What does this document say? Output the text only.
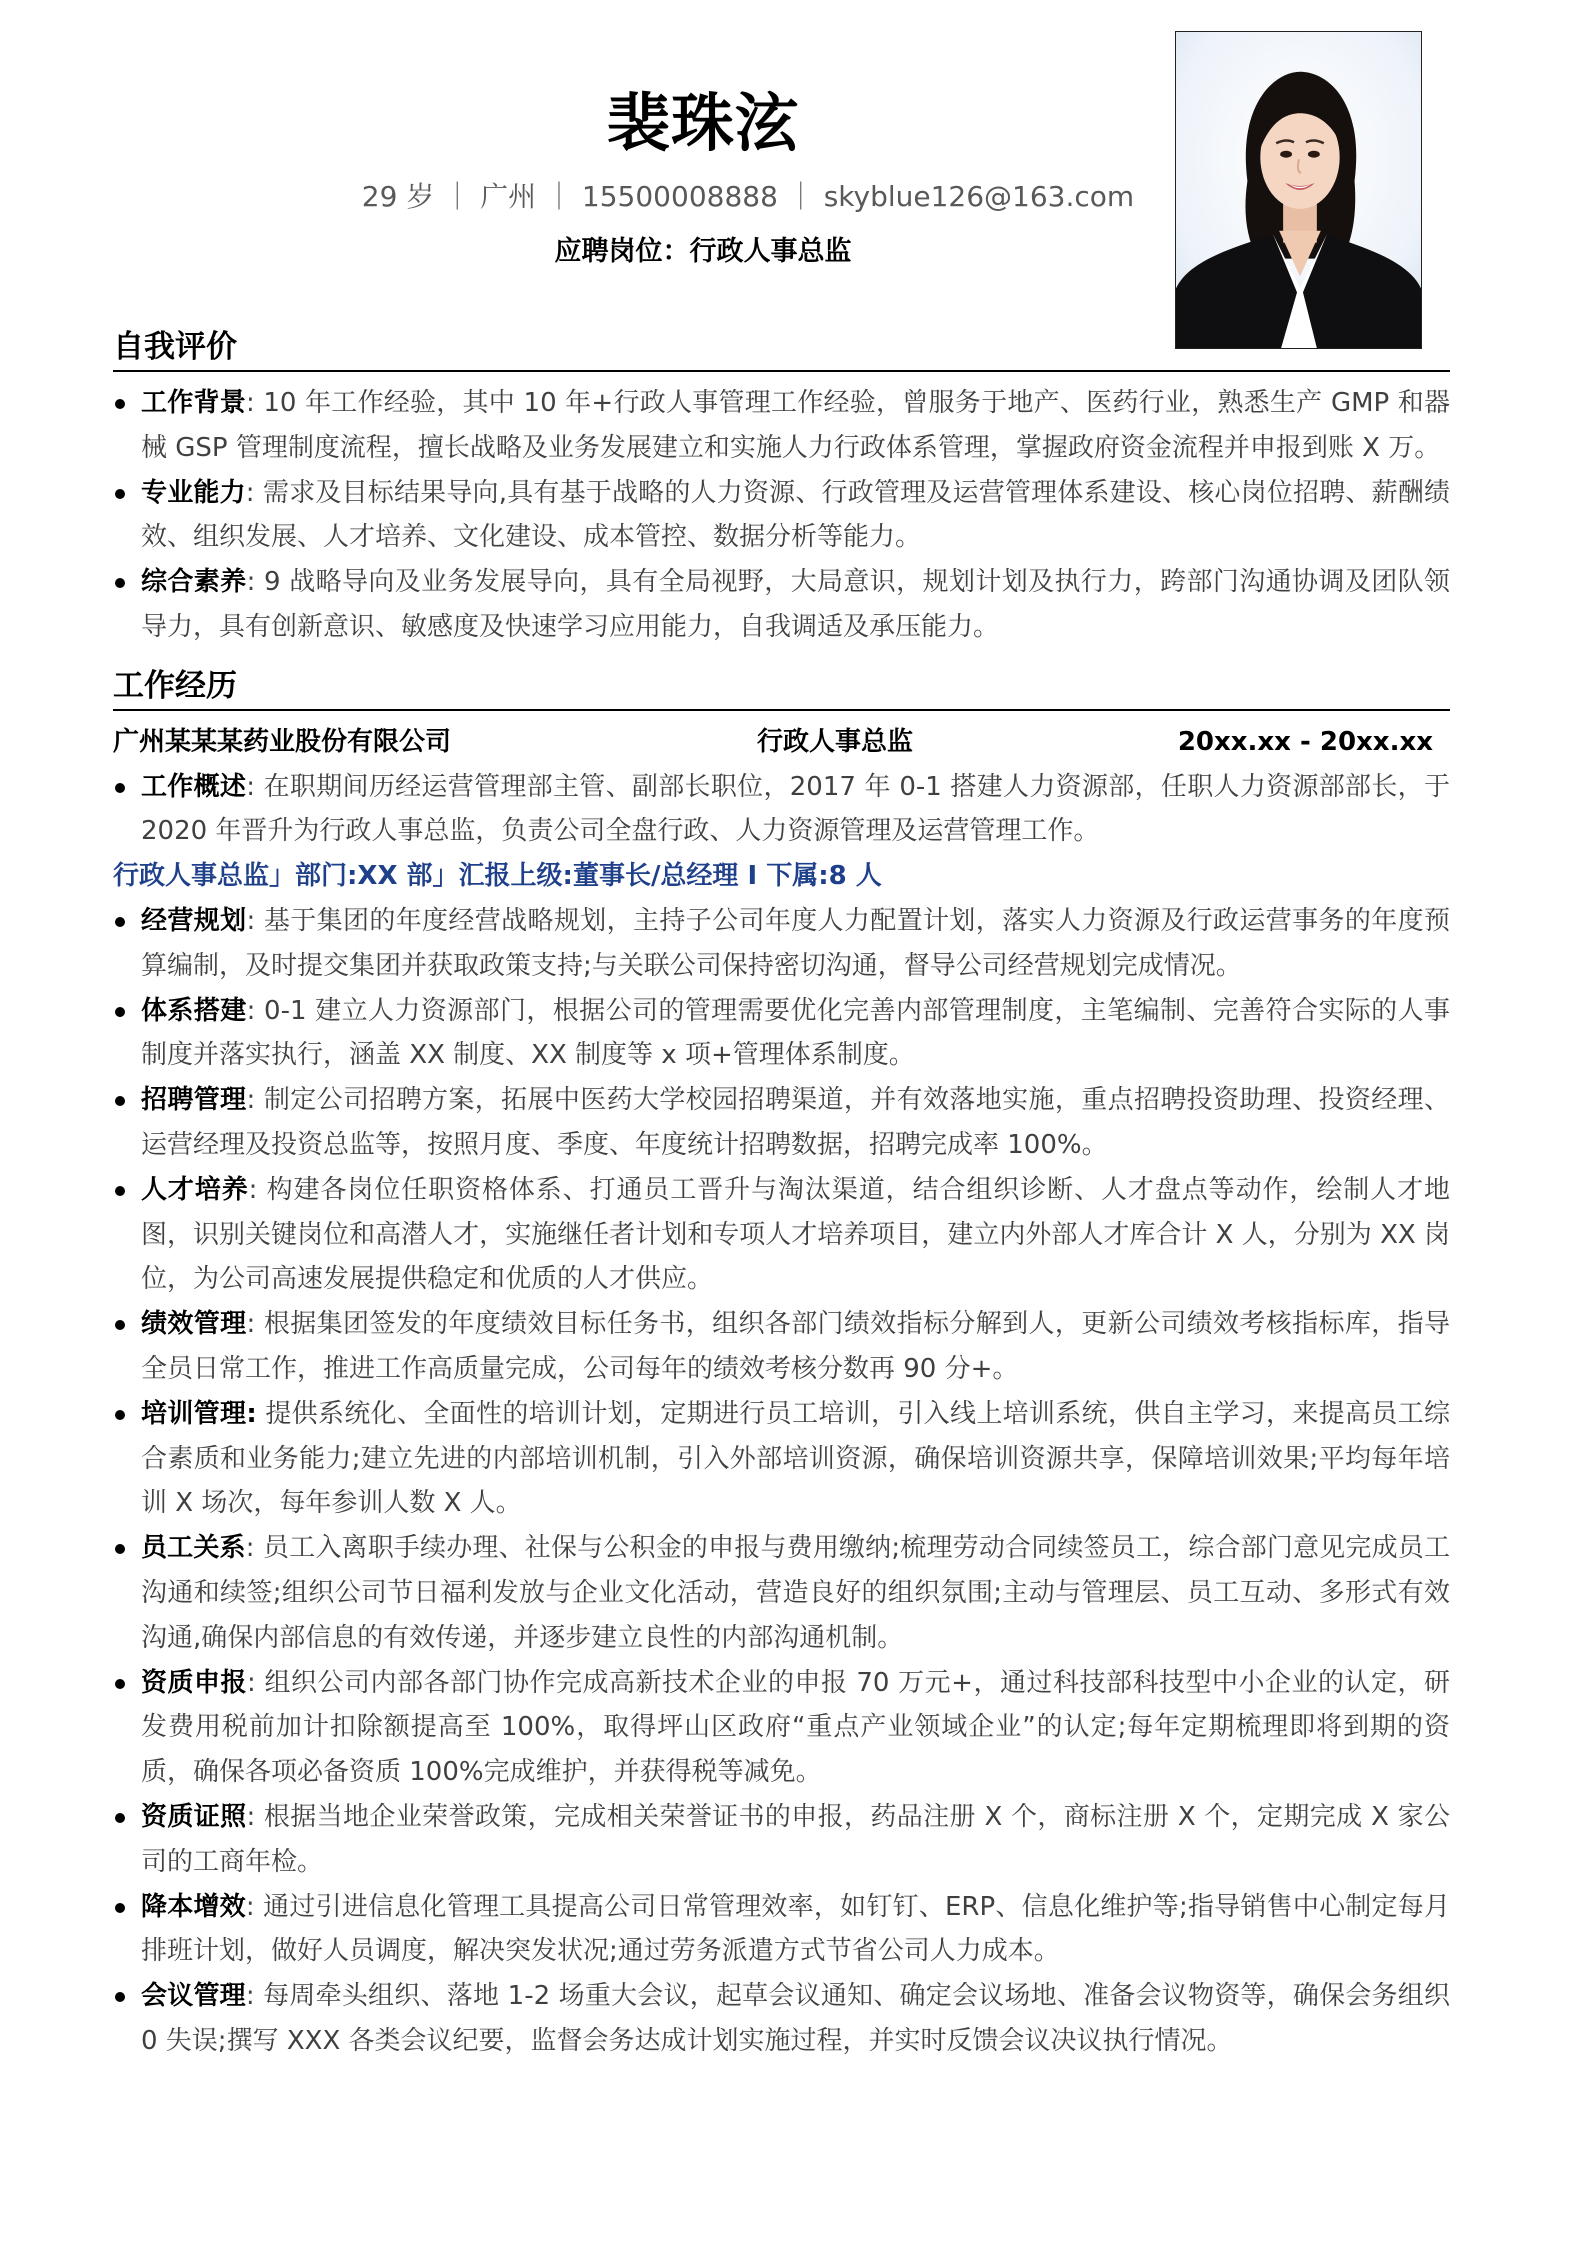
裴珠泫
29 岁 ｜ 广州 ｜ 15500008888 ｜ skyblue126@163.com
应聘岗位：行政人事总监
自我评价
工作背景: 10 年工作经验，其中 10 年+行政人事管理工作经验，曾服务于地产、医药行业，熟悉生产 GMP 和器械 GSP 管理制度流程，擅长战略及业务发展建立和实施人力行政体系管理，掌握政府资金流程并申报到账 X 万。
专业能力: 需求及目标结果导向,具有基于战略的人力资源、行政管理及运营管理体系建设、核心岗位招聘、薪酬绩效、组织发展、人才培养、文化建设、成本管控、数据分析等能力。
综合素养: 9 战略导向及业务发展导向，具有全局视野，大局意识，规划计划及执行力，跨部门沟通协调及团队领导力，具有创新意识、敏感度及快速学习应用能力，自我调适及承压能力。
工作经历
广州某某某药业股份有限公司	行政人事总监	20xx.xx - 20xx.xx
工作概述: 在职期间历经运营管理部主管、副部长职位，2017 年 0-1 搭建人力资源部，任职人力资源部部长，于 2020 年晋升为行政人事总监，负责公司全盘行政、人力资源管理及运营管理工作。

行政人事总监」部门:XX 部」汇报上级:董事长/总经理 I 下属:8 人

经营规划: 基于集团的年度经营战略规划，主持子公司年度人力配置计划，落实人力资源及行政运营事务的年度预算编制，及时提交集团并获取政策支持;与关联公司保持密切沟通，督导公司经营规划完成情况。
体系搭建: 0-1 建立人力资源部门，根据公司的管理需要优化完善内部管理制度，主笔编制、完善符合实际的人事制度并落实执行，涵盖 XX 制度、XX 制度等 x 项+管理体系制度。
招聘管理: 制定公司招聘方案，拓展中医药大学校园招聘渠道，并有效落地实施，重点招聘投资助理、投资经理、运营经理及投资总监等，按照月度、季度、年度统计招聘数据，招聘完成率 100%。
人才培养: 构建各岗位任职资格体系、打通员工晋升与淘汰渠道，结合组织诊断、人才盘点等动作，绘制人才地图，识别关键岗位和高潜人才，实施继任者计划和专项人才培养项目，建立内外部人才库合计 X 人，分别为 XX 岗位，为公司高速发展提供稳定和优质的人才供应。
绩效管理: 根据集团签发的年度绩效目标任务书，组织各部门绩效指标分解到人，更新公司绩效考核指标库，指导全员日常工作，推进工作高质量完成，公司每年的绩效考核分数再 90 分+。
培训管理: 提供系统化、全面性的培训计划，定期进行员工培训，引入线上培训系统，供自主学习，来提高员工综合素质和业务能力;建立先进的内部培训机制，引入外部培训资源，确保培训资源共享，保障培训效果;平均每年培训 X 场次，每年参训人数 X 人。
员工关系: 员工入离职手续办理、社保与公积金的申报与费用缴纳;梳理劳动合同续签员工，综合部门意见完成员工沟通和续签;组织公司节日福利发放与企业文化活动，营造良好的组织氛围;主动与管理层、员工互动、多形式有效沟通,确保内部信息的有效传递，并逐步建立良性的内部沟通机制。
资质申报: 组织公司内部各部门协作完成高新技术企业的申报 70 万元+，通过科技部科技型中小企业的认定，研发费用税前加计扣除额提高至 100%，取得坪山区政府“重点产业领域企业”的认定;每年定期梳理即将到期的资质，确保各项必备资质 100%完成维护，并获得税等减免。
资质证照: 根据当地企业荣誉政策，完成相关荣誉证书的申报，药品注册 X 个，商标注册 X 个，定期完成 X 家公司的工商年检。
降本增效: 通过引进信息化管理工具提高公司日常管理效率，如钉钉、ERP、信息化维护等;指导销售中心制定每月排班计划，做好人员调度，解决突发状况;通过劳务派遣方式节省公司人力成本。
会议管理: 每周牵头组织、落地 1-2 场重大会议，起草会议通知、确定会议场地、准备会议物资等，确保会务组织 0 失误;撰写 XXX 各类会议纪要，监督会务达成计划实施过程，并实时反馈会议决议执行情况。
